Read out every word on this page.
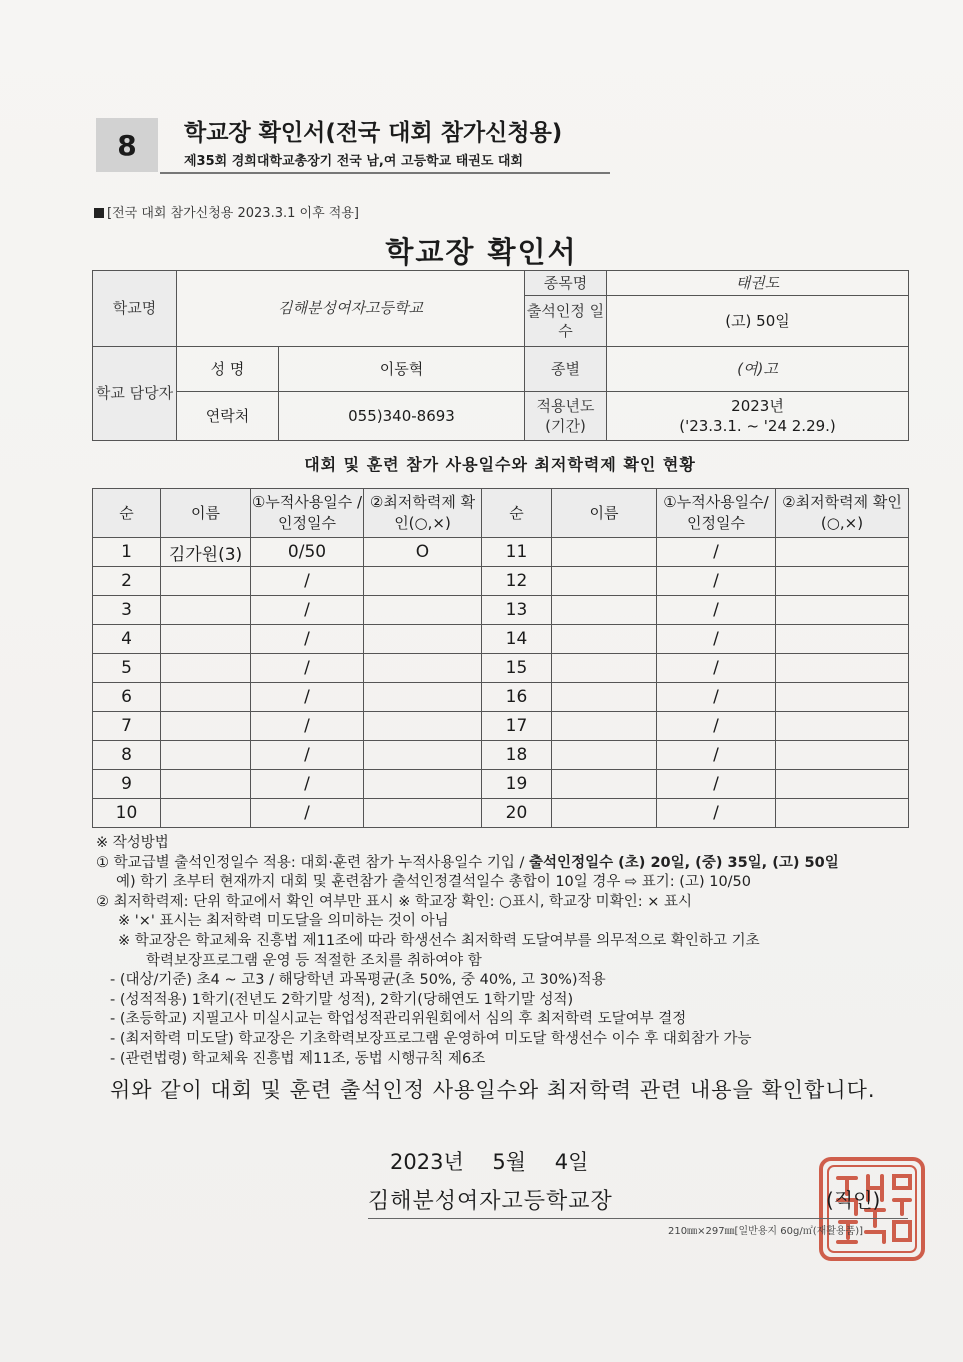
8 학교장 확인서(전국 대회 참가신청용)
제35회 경희대학교총장기 전국 남,여 고등학교 태권도 대회
[전국 대회 참가신청용 2023.3.1 이후 적용]
학교장 확인서
학교명	김해분성여자고등학교		종목명	태권도
			출석인정 일수	(고) 50일
학교 담당자	성 명	이동혁	종별	(여)고
	연락처	055)340-8693	적용년도 (기간)	2023년
('23.3.1. ~ '24 2.29.)
대회 및 훈련 참가 사용일수와 최저학력제 확인 현황
순	이름	①누적사용일수 /인정일수	②최저학력제 확인(○,×)	순	이름	①누적사용일수/ 인정일수	②최저학력제 확인(○,×)
1	김가원(3)	0/50	O	11		/	
2		/		12		/	
3		/		13		/	
4		/		14		/	
5		/		15		/	
6		/		16		/	
7		/		17		/	
8		/		18		/	
9		/		19		/	
10		/		20		/	
※ 작성방법
① 학교급별 출석인정일수 적용: 대회·훈련 참가 누적사용일수 기입 / 출석인정일수 (초) 20일, (중) 35일, (고) 50일
예) 학기 초부터 현재까지 대회 및 훈련참가 출석인정결석일수 총합이 10일 경우 ⇨ 표기: (고) 10/50
② 최저학력제: 단위 학교에서 확인 여부만 표시 ※ 학교장 확인: ○표시, 학교장 미확인: × 표시
※ '×' 표시는 최저학력 미도달을 의미하는 것이 아님
※ 학교장은 학교체육 진흥법 제11조에 따라 학생선수 최저학력 도달여부를 의무적으로 확인하고 기초
학력보장프로그램 운영 등 적절한 조치를 취하여야 함
- (대상/기준) 초4 ~ 고3 / 해당학년 과목평균(초 50%, 중 40%, 고 30%)적용
- (성적적용) 1학기(전년도 2학기말 성적), 2학기(당해연도 1학기말 성적)
- (초등학교) 지필고사 미실시교는 학업성적관리위원회에서 심의 후 최저학력 도달여부 결정
- (최저학력 미도달) 학교장은 기초학력보장프로그램 운영하여 미도달 학생선수 이수 후 대회참가 가능
- (관련법령) 학교체육 진흥법 제11조, 동법 시행규칙 제6조
위와 같이 대회 및 훈련 출석인정 사용일수와 최저학력 관련 내용을 확인합니다.
2023년 5월 4일
김해분성여자고등학교장	(직인)
210㎜×297㎜[일반용지 60g/㎡(재활용품)]
